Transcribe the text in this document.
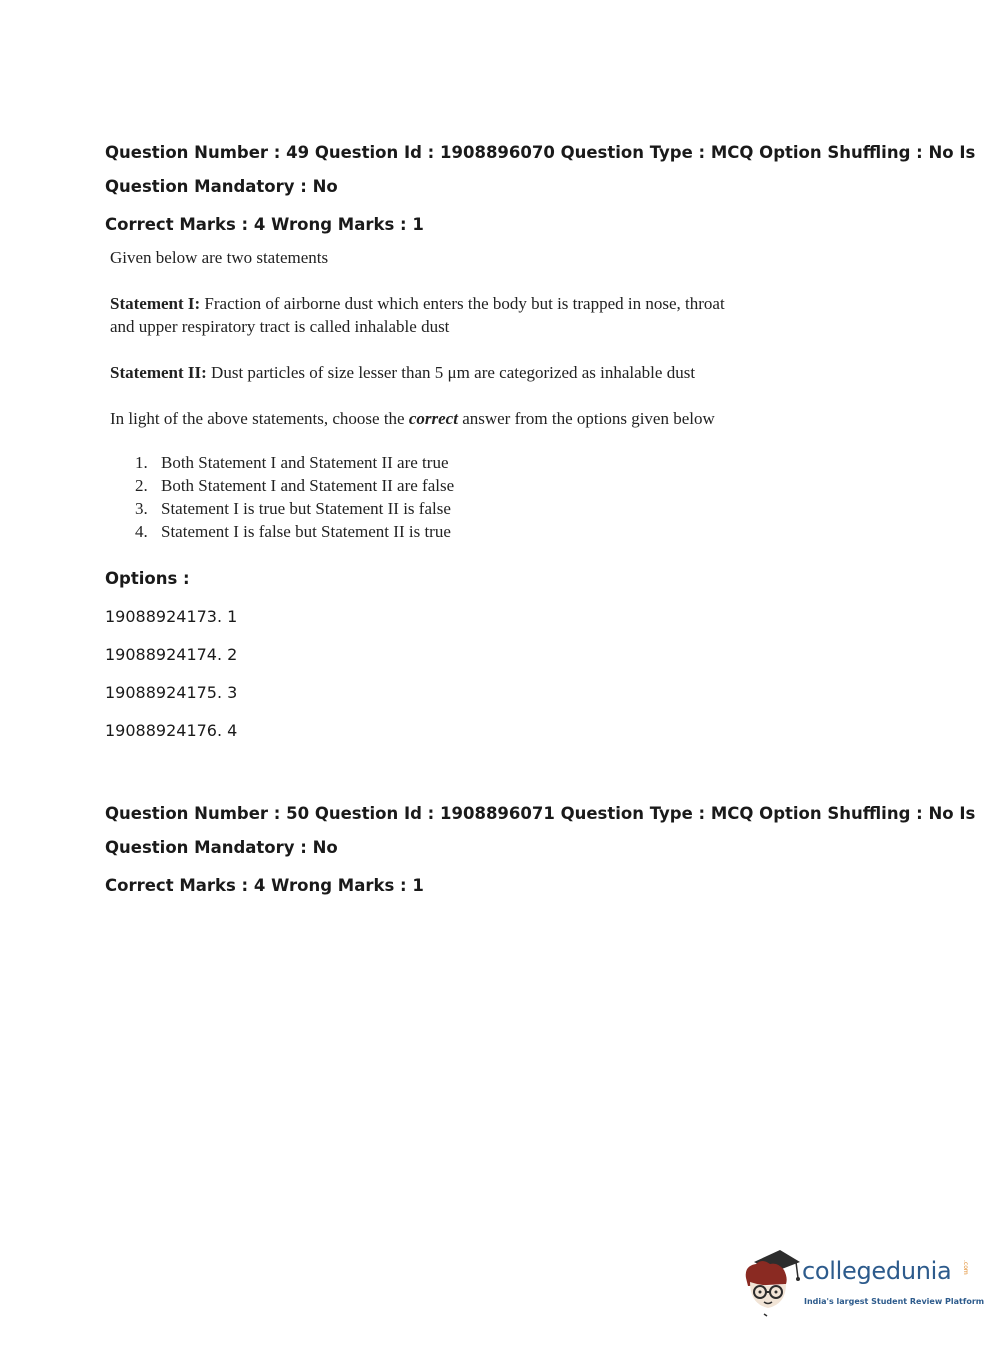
Question Number : 49 Question Id : 1908896070 Question Type : MCQ Option Shuffling : No Is
Question Mandatory : No
Correct Marks : 4 Wrong Marks : 1
Given below are two statements
Statement I: Fraction of airborne dust which enters the body but is trapped in nose, throat
and upper respiratory tract is called inhalable dust
Statement II: Dust particles of size lesser than 5 μm are categorized as inhalable dust
In light of the above statements, choose the correct answer from the options given below
1. Both Statement I and Statement II are true
2. Both Statement I and Statement II are false
3. Statement I is true but Statement II is false
4. Statement I is false but Statement II is true
Options :
19088924173. 1
19088924174. 2
19088924175. 3
19088924176. 4
Question Number : 50 Question Id : 1908896071 Question Type : MCQ Option Shuffling : No Is
Question Mandatory : No
Correct Marks : 4 Wrong Marks : 1
collegedunia .com
India's largest Student Review Platform
